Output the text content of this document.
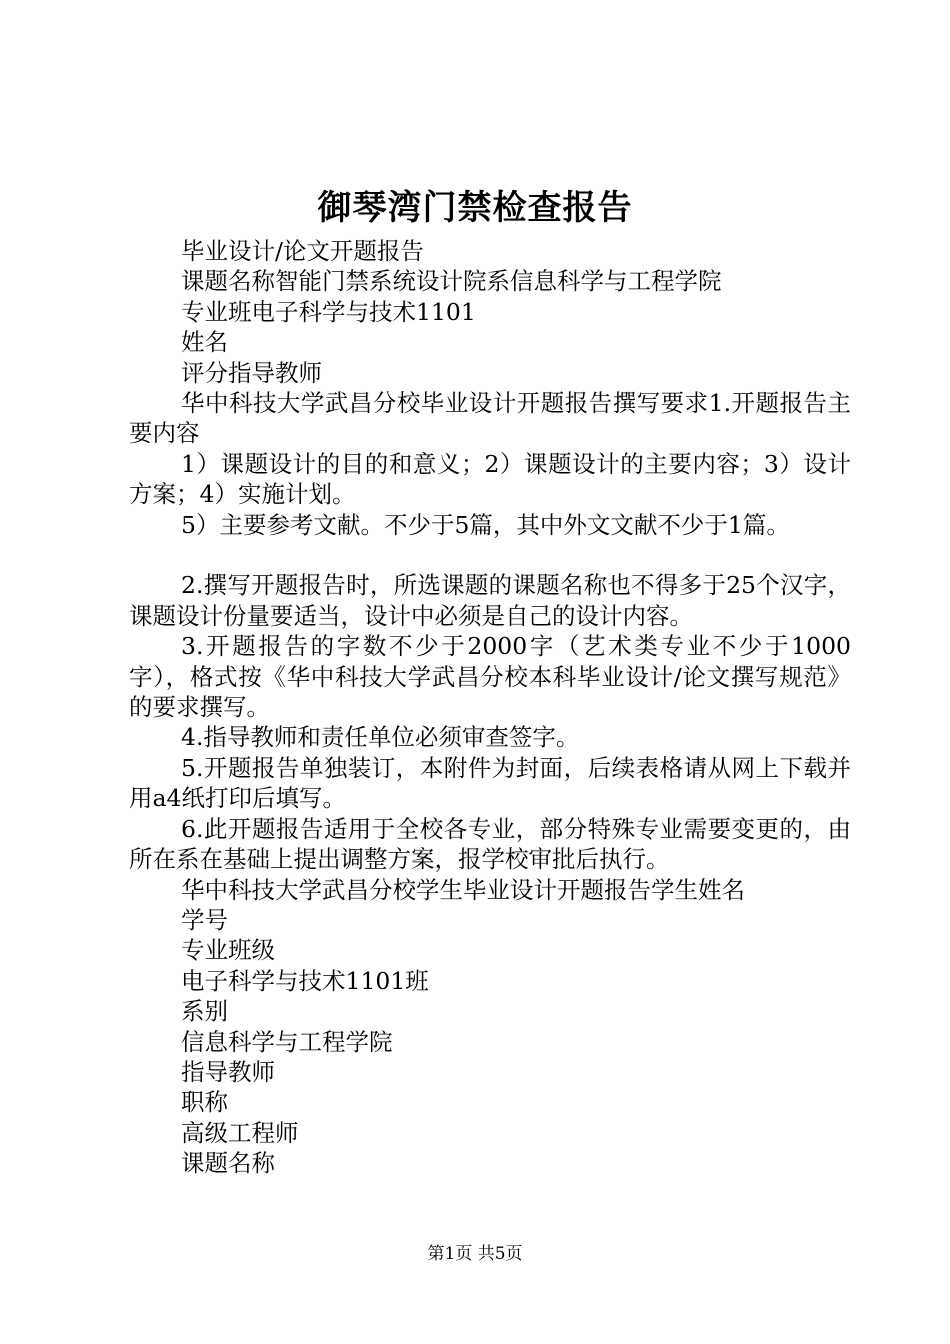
御琴湾门禁检查报告

毕业设计/论文开题报告

课题名称智能门禁系统设计院系信息科学与工程学院

专业班电子科学与技术1101

姓名

评分指导教师

华中科技大学武昌分校毕业设计开题报告撰写要求1.开题报告主要内容

1）课题设计的目的和意义；2）课题设计的主要内容；3）设计方案；4）实施计划。

5）主要参考文献。不少于5篇，其中外文文献不少于1篇。

2.撰写开题报告时，所选课题的课题名称也不得多于25个汉字，课题设计份量要适当，设计中必须是自己的设计内容。

3.开题报告的字数不少于2000字（艺术类专业不少于1000字），格式按《华中科技大学武昌分校本科毕业设计/论文撰写规范》的要求撰写。

4.指导教师和责任单位必须审查签字。

5.开题报告单独装订，本附件为封面，后续表格请从网上下载并用a4纸打印后填写。

6.此开题报告适用于全校各专业，部分特殊专业需要变更的，由所在系在基础上提出调整方案，报学校审批后执行。

华中科技大学武昌分校学生毕业设计开题报告学生姓名

学号

专业班级

电子科学与技术1101班

系别

信息科学与工程学院

指导教师

职称

高级工程师

课题名称

第1页 共5页
